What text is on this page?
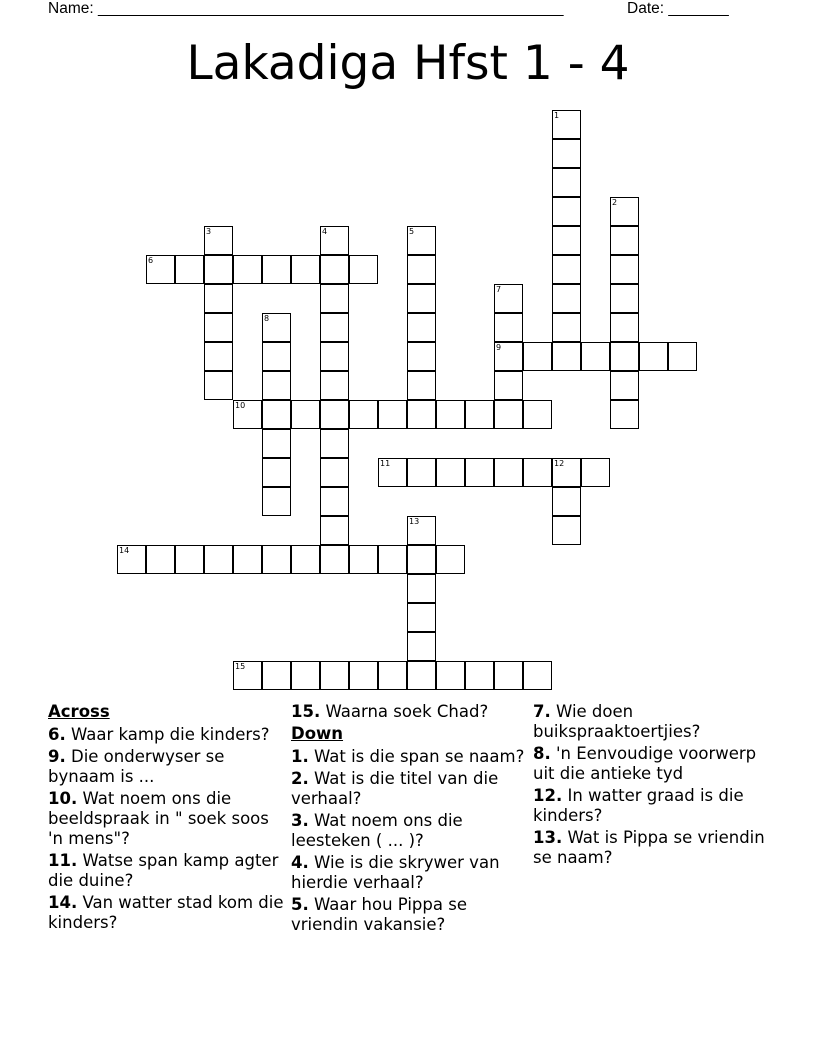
Name: ______________________________________________________	Date: _______
Lakadiga Hfst 1 - 4
1
2
3	4	5
6
7
8
9
10
11	12
13
14
15
Across
6. Waar kamp die kinders?
9. Die onderwyser se bynaam is ...
10. Wat noem ons die beeldspraak in " soek soos 'n mens"?
11. Watse span kamp agter die duine?
14. Van watter stad kom die kinders?
15. Waarna soek Chad?
Down
1. Wat is die span se naam?
2. Wat is die titel van die verhaal?
3. Wat noem ons die leesteken ( ... )?
4. Wie is die skrywer van hierdie verhaal?
5. Waar hou Pippa se vriendin vakansie?
7. Wie doen buikspraaktoertjies?
8. 'n Eenvoudige voorwerp uit die antieke tyd
12. In watter graad is die kinders?
13. Wat is Pippa se vriendin se naam?
